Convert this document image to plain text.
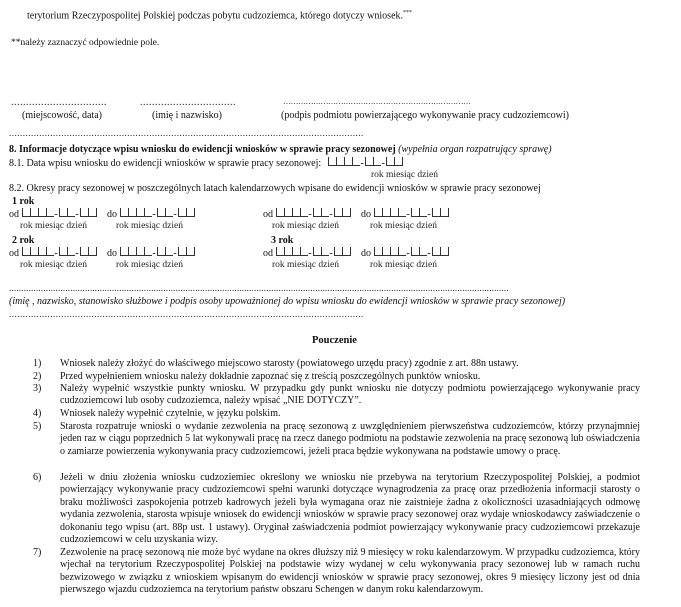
terytorium Rzeczypospolitej Polskiej podczas pobytu cudzoziemca, którego dotyczy wniosek.***
**należy zaznaczyć odpowiednie pole.
................................	................................	…………………………………………………………………
(miejscowość, data)	(imię i nazwisko)	(podpis podmiotu powierzającego wykonywanie pracy cudzoziemcowi)
.................................................................................................................................
8. Informacje dotyczące wpisu wniosku do ewidencji wniosków w sprawie pracy sezonowej (wypełnia organ rozpatrujący sprawę)
8.1. Data wpisu wniosku do ewidencji wniosków w sprawie pracy sezonowej:	- -
rok miesiąc dzień
8.2. Okresy pracy sezonowej w poszczególnych latach kalendarzowych wpisane do ewidencji wniosków w sprawie pracy sezonowej
1 rok
od	- -	do	- -	od	- -	do	- -
rok miesiąc dzień	rok miesiąc dzień	rok miesiąc dzień	rok miesiąc dzień
2 rok	3 rok
od	- -	do	- -	od	- -	do	- -
rok miesiąc dzień	rok miesiąc dzień	rok miesiąc dzień	rok miesiąc dzień
............................................................................................................................................................................................................
(imię , nazwisko, stanowisko służbowe i podpis osoby upoważnionej do wpisu wniosku do ewidencji wniosków w sprawie pracy sezonowej)
.................................................................................................................................
Pouczenie
1)	Wniosek należy złożyć do właściwego miejscowo starosty (powiatowego urzędu pracy) zgodnie z art. 88n ustawy.
2)	Przed wypełnieniem wniosku należy dokładnie zapoznać się z treścią poszczególnych punktów wniosku.
3)	Należy wypełnić wszystkie punkty wniosku. W przypadku gdy punkt wniosku nie dotyczy podmiotu powierzającego wykonywanie pracy cudzoziemcowi lub osoby cudzoziemca, należy wpisać „NIE DOTYCZY”.
4)	Wniosek należy wypełnić czytelnie, w języku polskim.
5)	Starosta rozpatruje wnioski o wydanie zezwolenia na pracę sezonową z uwzględnieniem pierwszeństwa cudzoziemców, którzy przynajmniej jeden raz w ciągu poprzednich 5 lat wykonywali pracę na rzecz danego podmiotu na podstawie zezwolenia na pracę sezonową lub oświadczenia o zamiarze powierzenia wykonywania pracy cudzoziemcowi, jeżeli praca będzie wykonywana na podstawie umowy o pracę.
6)	Jeżeli w dniu złożenia wniosku cudzoziemiec określony we wniosku nie przebywa na terytorium Rzeczypospolitej Polskiej, a podmiot powierzający wykonywanie pracy cudzoziemcowi spełni warunki dotyczące wynagrodzenia za pracę oraz przedłożenia informacji starosty o braku możliwości zaspokojenia potrzeb kadrowych jeżeli była wymagana oraz nie zaistnieje żadna z okoliczności uzasadniających odmowę wydania zezwolenia, starosta wpisuje wniosek do ewidencji wniosków w sprawie pracy sezonowej oraz wydaje wnioskodawcy zaświadczenie o dokonaniu tego wpisu (art. 88p ust. 1 ustawy). Oryginał zaświadczenia podmiot powierzający wykonywanie pracy cudzoziemcowi przekazuje cudzoziemcowi w celu uzyskania wizy.
7)	Zezwolenie na pracę sezonową nie może być wydane na okres dłuższy niż 9 miesięcy w roku kalendarzowym. W przypadku cudzoziemca, który wjechał na terytorium Rzeczypospolitej Polskiej na podstawie wizy wydanej w celu wykonywania pracy sezonowej lub w ramach ruchu bezwizowego w związku z wnioskiem wpisanym do ewidencji wniosków w sprawie pracy sezonowej, okres 9 miesięcy liczony jest od dnia pierwszego wjazdu cudzoziemca na terytorium państw obszaru Schengen w danym roku kalendarzowym.
